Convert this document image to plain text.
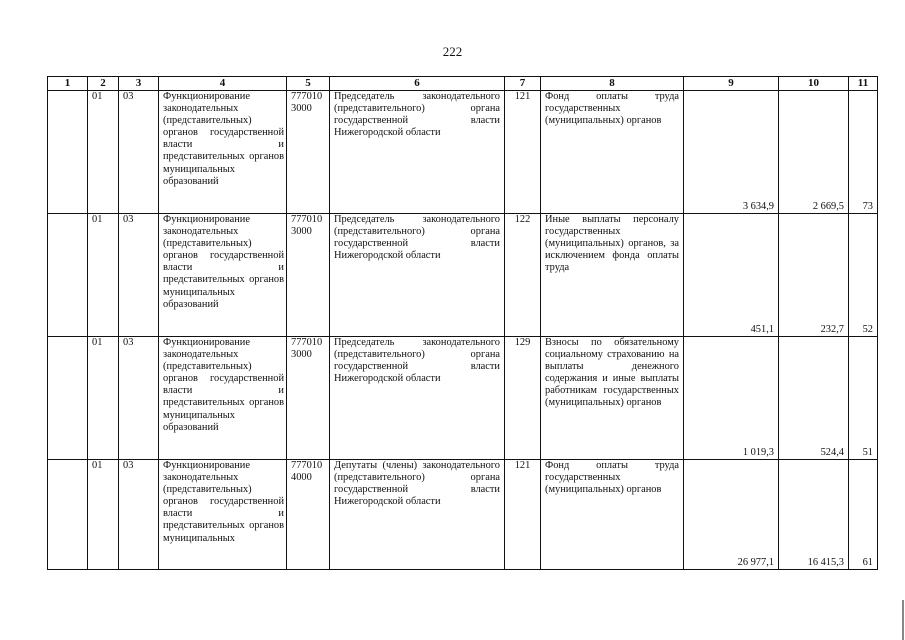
222
1	2	3	4	5	6	7	8	9	10	11
	01	03	Функционирование законодательных (представительных) органов государственной власти и представительных органов муниципальных образований	777010 3000	Председатель законодательного (представительного) органа государственной власти Нижегородской области	121	Фонд оплаты труда государственных (муниципальных) органов	3 634,9	2 669,5	73
	01	03	Функционирование законодательных (представительных) органов государственной власти и представительных органов муниципальных образований	777010 3000	Председатель законодательного (представительного) органа государственной власти Нижегородской области	122	Иные выплаты персоналу государственных (муниципальных) органов, за исключением фонда оплаты труда	451,1	232,7	52
	01	03	Функционирование законодательных (представительных) органов государственной власти и представительных органов муниципальных образований	777010 3000	Председатель законодательного (представительного) органа государственной власти Нижегородской области	129	Взносы по обязательному социальному страхованию на выплаты денежного содержания и иные выплаты работникам государственных (муниципальных) органов	1 019,3	524,4	51
	01	03	Функционирование законодательных (представительных) органов государственной власти и представительных органов муниципальных	777010 4000	Депутаты (члены) законодательного (представительного) органа государственной власти Нижегородской области	121	Фонд оплаты труда государственных (муниципальных) органов	26 977,1	16 415,3	61
